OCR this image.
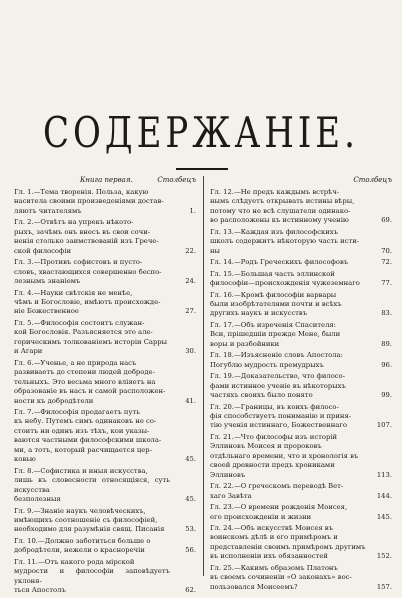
СОДЕРЖАНІЕ.
Книга первая.	Столбецъ
Гл. 1.—Тема творенія. Польза, какую
наситела своими произведеніями достав-
ляютъ читателямъ	1.
Гл. 2.—Отвѣтъ на упрекъ нѣкото-
рыхъ, зачѣмъ онъ внесъ въ свои сочи-
ненія столько заимствованій изъ Грече-
ской философіи	22.
Гл. 3.—Противъ софистовъ и пусто-
словъ, хвастающихся совершенно беспо-
лезнымъ знаніемъ	24.
Гл. 4.—Науки свѣтскія не менѣе,
чѣмъ и Богословіе, имѣютъ происхожде-
ніе Божественное	27.
Гл. 5.—Философія состоитъ служан-
кой Богословія. Разъясняется это але-
горическимъ толкованіемъ исторіи Сарры
и Агари	30.
Гл. 6.—Ученье, а не природа насъ
развиваетъ до степени людей доброде-
тельныхъ. Это весьма много влiяетъ на
образованіе въ насъ и самой расположен-
ности къ добродѣтели	41.
Гл. 7.—Философія продагаетъ путь
къ небу. Путемъ симъ одинаковъ не со-
стоитъ ни одинъ изъ тѣхъ, кои указы-
ваются частными философскими школа-
ми, а тотъ, который расчищается цер-
ковью	45.
Гл. 8.—Софистика и иныя искусства,
лишь къ словесности относящіяся, суть искусства
безполезныя	45.
Гл. 9.—Знаніе наукъ человѣческихъ,
имѣющихъ соотношеніе съ философіей,
необходимо для разумѣнія свящ. Писанія	53.
Гл. 10.—Должно заботиться больше о
добродѣтели, нежели о красноречіи	56.
Гл. 11.—Отъ какого рода мірской
мудрости и философіи заповѣдуетъ уклоня-
ться Апостолъ	62.
Столбецъ
Гл. 12.—Не предъ каждымъ встрѣч-
нымъ слѣдуетъ открывать истины вѣры,
потому что не всѣ слушатели одинако-
во расположены къ истинному ученію	69.
Гл. 13.—Каждая изъ философскихъ
школъ содержитъ нѣкоторую часть исти-
ны	70.
Гл. 14.—Родъ Греческихъ философовъ	72.
Гл. 15.—Большая часть эллинской
философіи—происхожденія чужеземнаго	77.
Гл. 16.—Кромѣ философіи варвары
были изобрѣтателями почти и всѣхъ
другихъ наукъ и искусствъ	83.
Гл. 17.—Объ изреченія Спасителя:
Вси, прішедшіи прежде Мене, были
воры и разбойники	89.
Гл. 18.—Изъясненіе словъ Апостола:
Погублю мудрость премудрыхъ	96.
Гл. 19.—Доказательство, что филосо-
фами истинное ученіе въ нѣкоторыхъ
частяхъ своихъ было понято	99.
Гл. 20.—Границы, въ коихъ филосо-
фія способствуетъ пониманію и приня-
тію ученія истиннаго, Божественнаго	107.
Гл. 21.—Что философы изъ исторій
Эллиновъ Моисея и пророковъ
отдѣльнаго времени, что и хронологія въ
своей древности предъ хрониками
Эллиновъ	113.
Гл. 22.—О греческомъ переводѣ Вет-
хаго Завѣта	144.
Гл. 23.—О времени рожденія Моисея,
его происхожденіи и жизни	145.
Гл. 24.—Объ искусствѣ Моисея въ
воинскомъ дѣлѣ и его примѣромъ и
представленіи своимъ примѣромъ другимъ
въ исполненіи ихъ обязанностей	152.
Гл. 25.—Какимъ образомъ Платонъ
въ своемъ сочиненіи «О законахъ» вос-
пользовался Моисеемъ?	157.
